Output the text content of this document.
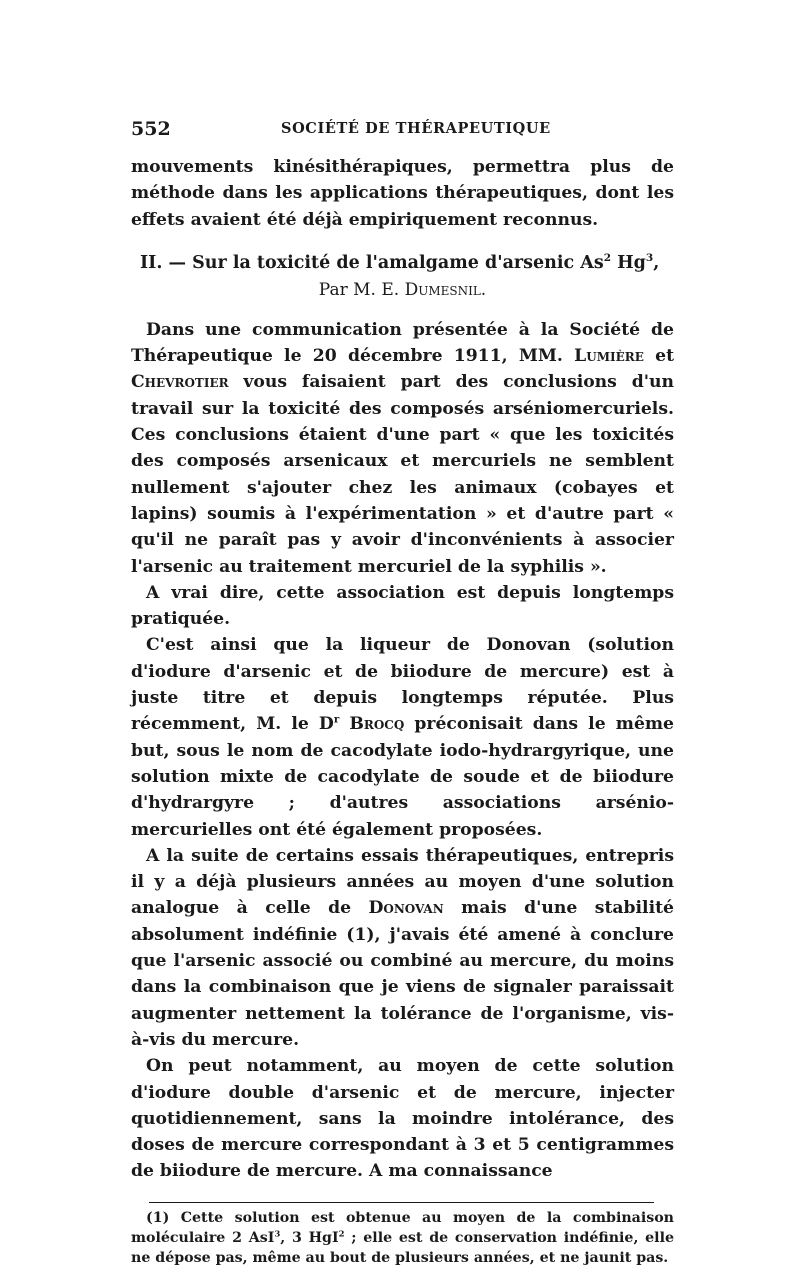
552	SOCIÉTÉ DE THÉRAPEUTIQUE

mouvements kinésithérapiques, permettra plus de méthode dans les applications thérapeutiques, dont les effets avaient été déjà empiriquement reconnus.

II. — Sur la toxicité de l'amalgame d'arsenic As$^2$ Hg$^3$,
Par M. E. Dumesnil.

Dans une communication présentée à la Société de Thérapeutique le 20 décembre 1911, MM. Lumière et Chevrotier vous faisaient part des conclusions d'un travail sur la toxicité des composés arséniomercuriels. Ces conclusions étaient d'une part « que les toxicités des composés arsenicaux et mercuriels ne semblent nullement s'ajouter chez les animaux (cobayes et lapins) soumis à l'expérimentation » et d'autre part « qu'il ne paraît pas y avoir d'inconvénients à associer l'arsenic au traitement mercuriel de la syphilis ».

A vrai dire, cette association est depuis longtemps pratiquée.

C'est ainsi que la liqueur de Donovan (solution d'iodure d'arsenic et de biiodure de mercure) est à juste titre et depuis longtemps réputée. Plus récemment, M. le $D^r$ Brocq préconisait dans le même but, sous le nom de cacodylate iodo-hydrargyrique, une solution mixte de cacodylate de soude et de biiodure d'hydrargyre ; d'autres associations arsénio-mercurielles ont été également proposées.

A la suite de certains essais thérapeutiques, entrepris il y a déjà plusieurs années au moyen d'une solution analogue à celle de Donovan mais d'une stabilité absolument indéfinie (1), j'avais été amené à conclure que l'arsenic associé ou combiné au mercure, du moins dans la combinaison que je viens de signaler paraissait augmenter nettement la tolérance de l'organisme, vis-à-vis du mercure.

On peut notamment, au moyen de cette solution d'iodure double d'arsenic et de mercure, injecter quotidiennement, sans la moindre intolérance, des doses de mercure correspondant à 3 et 5 centigrammes de biiodure de mercure. A ma connaissance

(1) Cette solution est obtenue au moyen de la combinaison moléculaire 2 AsI$^3$, 3 HgI$^2$ ; elle est de conservation indéfinie, elle ne dépose pas, même au bout de plusieurs années, et ne jaunit pas.
